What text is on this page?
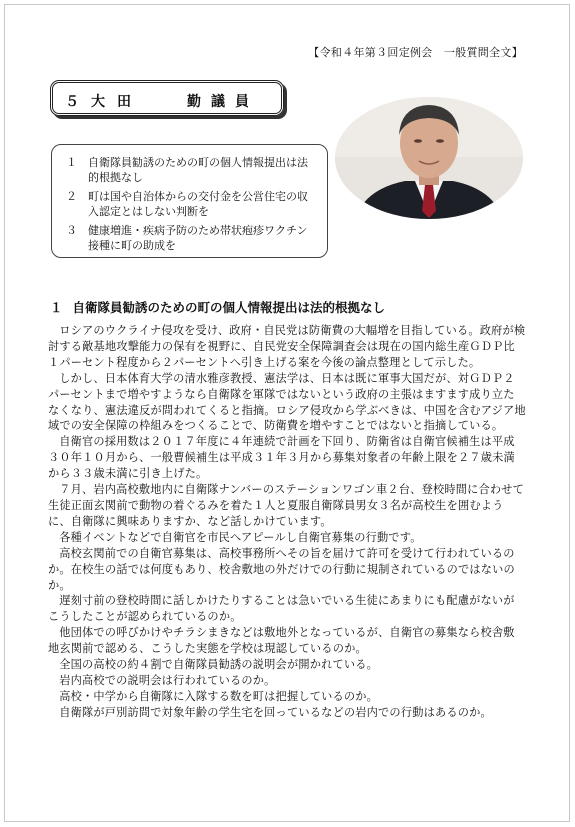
【令和４年第３回定例会　一般質問全文】
５ 大田	勤議員
１ 自衛隊員勧誘のための町の個人情報提出は法的根拠なし
２ 町は国や自治体からの交付金を公営住宅の収入認定とはしない判断を
３ 健康増進・疾病予防のため帯状疱疹ワクチン接種に町の助成を
１ 自衛隊員勧誘のための町の個人情報提出は法的根拠なし

ロシアのウクライナ侵攻を受け、政府・自民党は防衛費の大幅増を目指している。政府が検討する敵基地攻撃能力の保有を視野に、自民党安全保障調査会は現在の国内総生産ＧＤＰ比１パーセント程度から２パーセントへ引き上げる案を今後の論点整理として示した。

しかし、日本体育大学の清水雅彦教授、憲法学は、日本は既に軍事大国だが、対ＧＤＰ２パーセントまで増やすようなら自衛隊を軍隊ではないという政府の主張はますます成り立たなくなり、憲法違反が問われてくると指摘。ロシア侵攻から学ぶべきは、中国を含むアジア地域での安全保障の枠組みをつくることで、防衛費を増やすことではないと指摘している。

自衛官の採用数は２０１７年度に４年連続で計画を下回り、防衛省は自衛官候補生は平成３０年１０月から、一般曹候補生は平成３１年３月から募集対象者の年齢上限を２７歳未満から３３歳未満に引き上げた。

７月、岩内高校敷地内に自衛隊ナンバーのステーションワゴン車２台、登校時間に合わせて生徒正面玄関前で動物の着ぐるみを着た１人と夏服自衛隊員男女３名が高校生を囲むように、自衛隊に興味ありますか、など話しかけています。

各種イベントなどで自衛官を市民へアピールし自衛官募集の行動です。

高校玄関前での自衛官募集は、高校事務所へその旨を届けて許可を受けて行われているのか。在校生の話では何度もあり、校舎敷地の外だけでの行動に規制されているのではないのか。

遅刻寸前の登校時間に話しかけたりすることは急いでいる生徒にあまりにも配慮がないがこうしたことが認められているのか。

他団体での呼びかけやチラシまきなどは敷地外となっているが、自衛官の募集なら校舎敷地玄関前で認める、こうした実態を学校は現認しているのか。

全国の高校の約４割で自衛隊員勧誘の説明会が開かれている。

岩内高校での説明会は行われているのか。

高校・中学から自衛隊に入隊する数を町は把握しているのか。

自衛隊が戸別訪問で対象年齢の学生宅を回っているなどの岩内での行動はあるのか。
